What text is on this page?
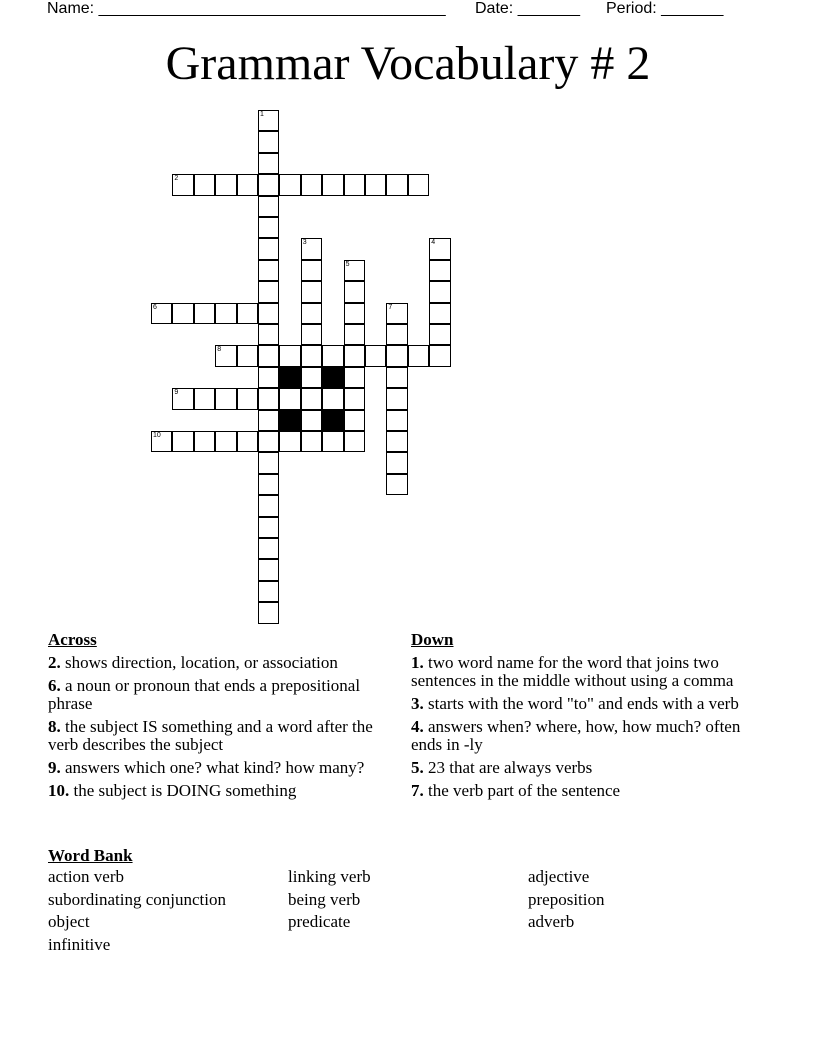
Name: _______________________________________ Date: _______ Period: _______
Grammar Vocabulary # 2
1
2
3	4
5
6	7
8
9
10
Across
2. shows direction, location, or association
6. a noun or pronoun that ends a prepositional phrase
8. the subject IS something and a word after the verb describes the subject
9. answers which one? what kind? how many?
10. the subject is DOING something
Down
1. two word name for the word that joins two sentences in the middle without using a comma
3. starts with the word "to" and ends with a verb
4. answers when? where, how, how much? often ends in -ly
5. 23 that are always verbs
7. the verb part of the sentence
Word Bank
action verb	linking verb	adjective
subordinating conjunction	being verb	preposition
object	predicate	adverb
infinitive
